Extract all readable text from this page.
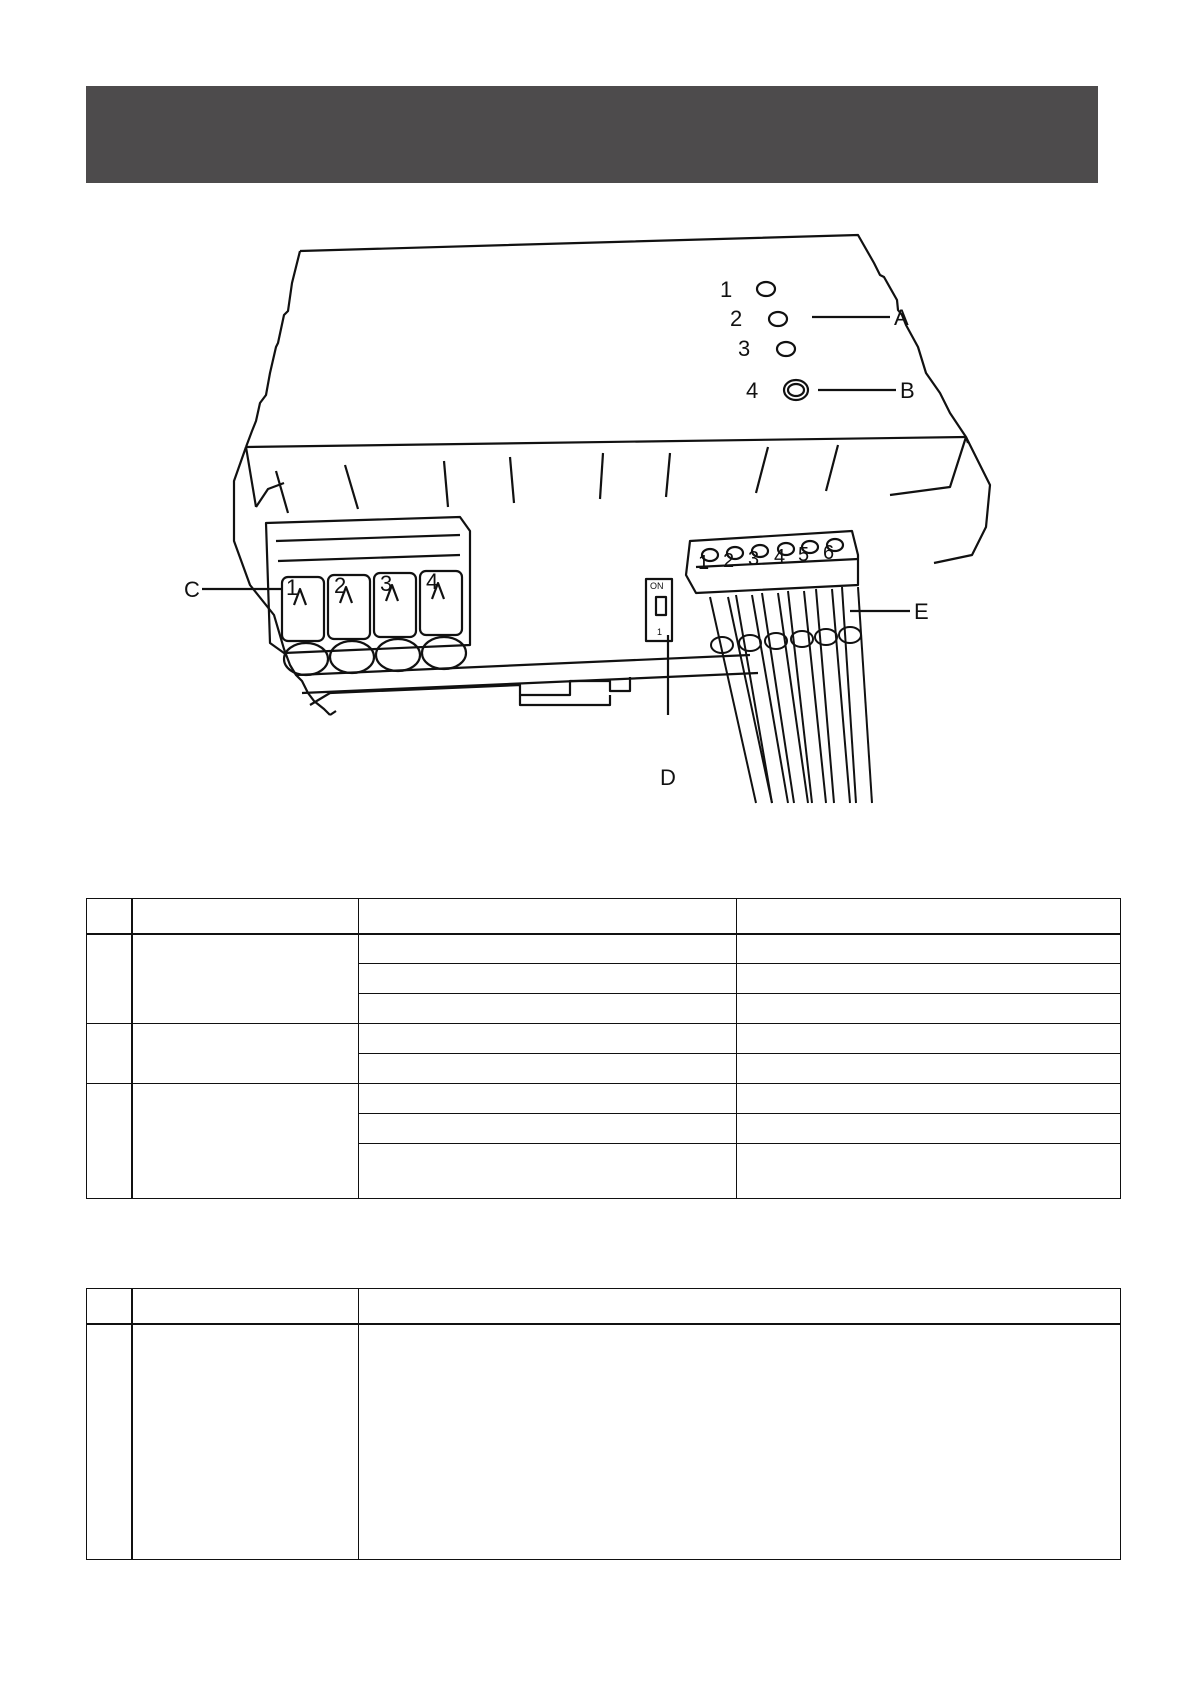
1
2
3
4
A
B
C
D
E
1 2 3 4
1 2 3 4 5 6
ON
1
